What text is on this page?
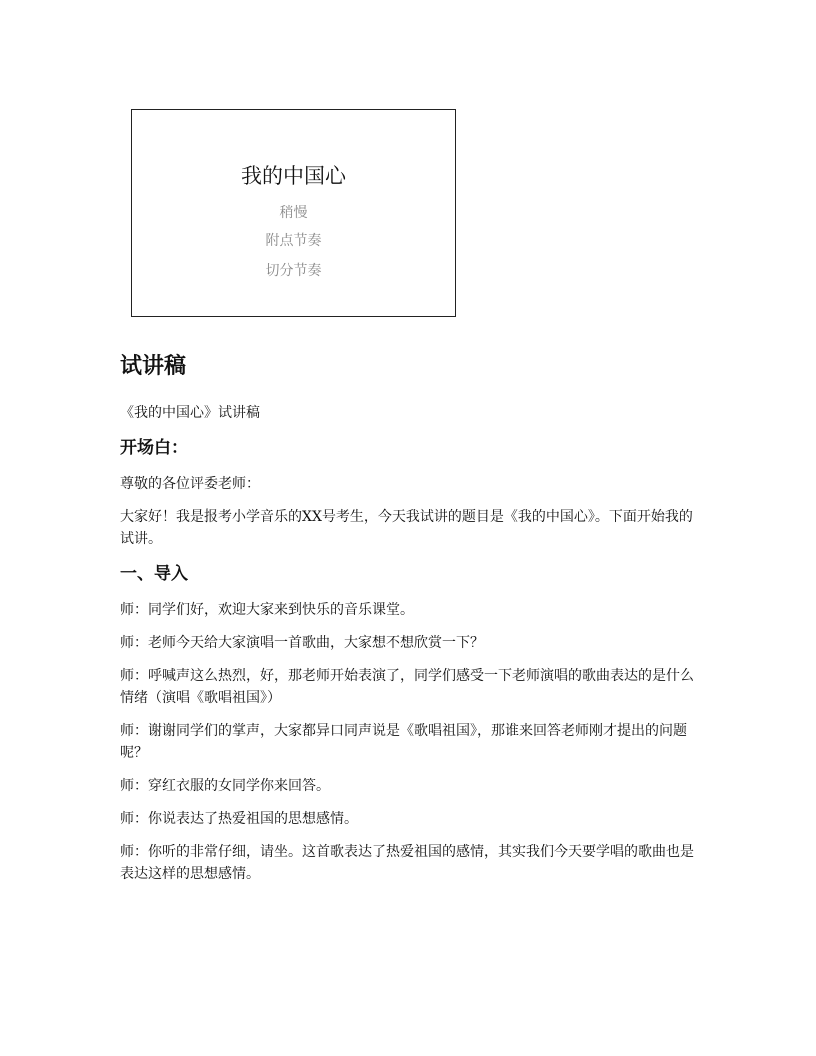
我的中国心
稍慢
附点节奏
切分节奏
试讲稿
《我的中国心》试讲稿
开场白：
尊敬的各位评委老师：
大家好！我是报考小学音乐的XX号考生，今天我试讲的题目是《我的中国心》。下面开始我的试讲。
一、导入
师：同学们好，欢迎大家来到快乐的音乐课堂。
师：老师今天给大家演唱一首歌曲，大家想不想欣赏一下？
师：呼喊声这么热烈，好，那老师开始表演了，同学们感受一下老师演唱的歌曲表达的是什么情绪（演唱《歌唱祖国》）
师：谢谢同学们的掌声，大家都异口同声说是《歌唱祖国》，那谁来回答老师刚才提出的问题呢？
师：穿红衣服的女同学你来回答。
师：你说表达了热爱祖国的思想感情。
师：你听的非常仔细，请坐。这首歌表达了热爱祖国的感情，其实我们今天要学唱的歌曲也是表达这样的思想感情。
